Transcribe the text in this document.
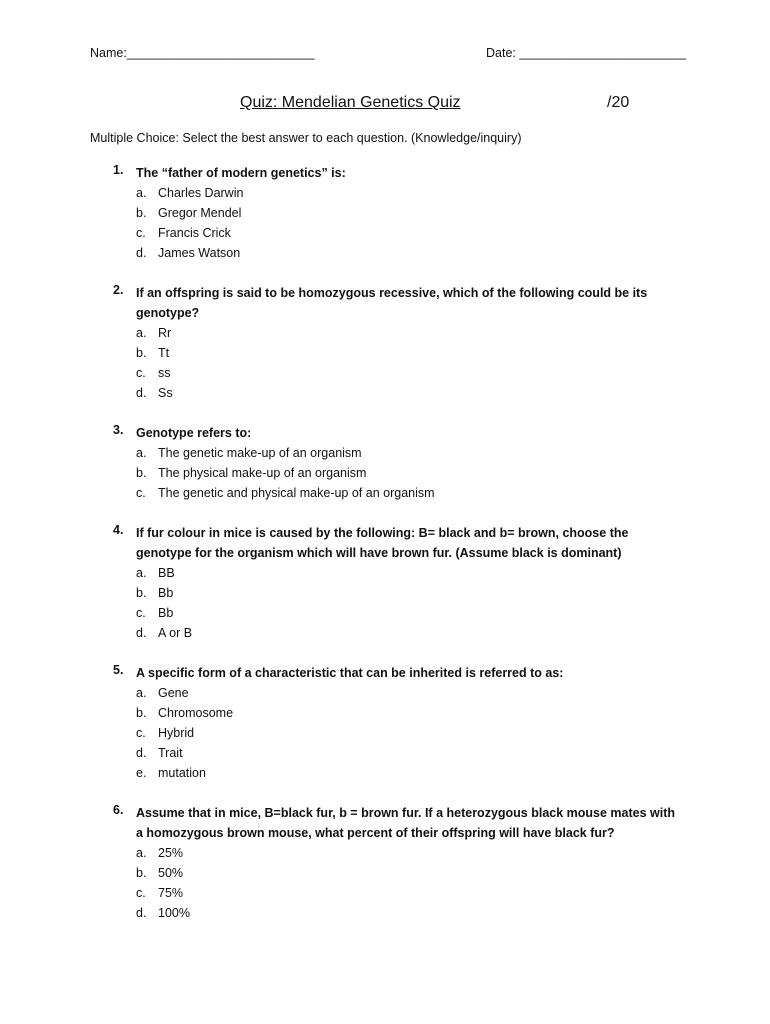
Name:___________________________	Date: ________________________
Quiz: Mendelian Genetics Quiz	/20
Multiple Choice: Select the best answer to each question. (Knowledge/inquiry)
1. The “father of modern genetics” is:
a. Charles Darwin
b. Gregor Mendel
c. Francis Crick
d. James Watson
2. If an offspring is said to be homozygous recessive, which of the following could be its genotype?
a. Rr
b. Tt
c. ss
d. Ss
3. Genotype refers to:
a. The genetic make-up of an organism
b. The physical make-up of an organism
c. The genetic and physical make-up of an organism
4. If fur colour in mice is caused by the following: B= black and b= brown, choose the genotype for the organism which will have brown fur. (Assume black is dominant)
a. BB
b. Bb
c. Bb
d. A or B
5. A specific form of a characteristic that can be inherited is referred to as:
a. Gene
b. Chromosome
c. Hybrid
d. Trait
e. mutation
6. Assume that in mice, B=black fur, b = brown fur. If a heterozygous black mouse mates with a homozygous brown mouse, what percent of their offspring will have black fur?
a. 25%
b. 50%
c. 75%
d. 100%
